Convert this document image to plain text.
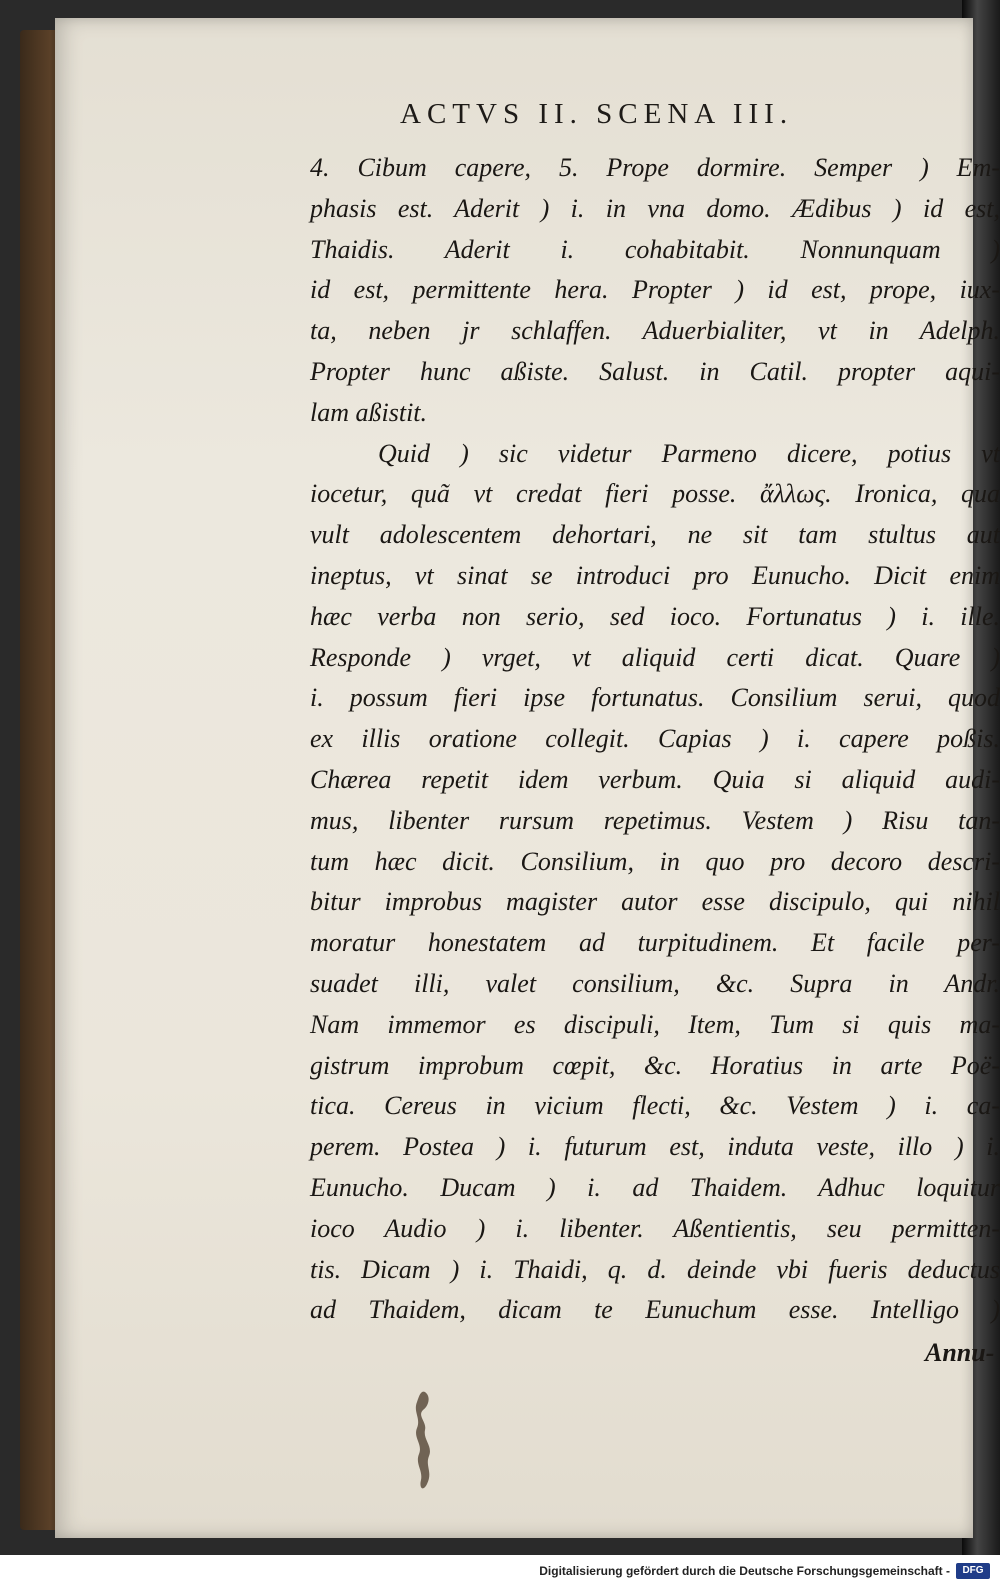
ACTVS II. SCENA III.
4. Cibum capere, 5. Prope dormire. Semper ) Em-
phasis est. Aderit ) i. in vna domo. Ædibus ) id est,
Thaidis. Aderit i. cohabitabit. Nonnunquam )
id est, permittente hera. Propter ) id est, prope, iux-
ta, neben jr schlaffen. Aduerbialiter, vt in Adelph.
Propter hunc aßiste. Salust. in Catil. propter aqui-
lam aßistit.
Quid ) sic videtur Parmeno dicere, potius vt
iocetur, quã vt credat fieri posse. ἄλλως. Ironica, qua
vult adolescentem dehortari, ne sit tam stultus aut
ineptus, vt sinat se introduci pro Eunucho. Dicit enim
hæc verba non serio, sed ioco. Fortunatus ) i. ille.
Responde ) vrget, vt aliquid certi dicat. Quare )
i. possum fieri ipse fortunatus. Consilium serui, quod
ex illis oratione collegit. Capias ) i. capere poßis.
Chærea repetit idem verbum. Quia si aliquid audi-
mus, libenter rursum repetimus. Vestem ) Risu tan-
tum hæc dicit. Consilium, in quo pro decoro descri-
bitur improbus magister autor esse discipulo, qui nihil
moratur honestatem ad turpitudinem. Et facile per-
suadet illi, valet consilium, &c. Supra in Andr.
Nam immemor es discipuli, Item, Tum si quis ma-
gistrum improbum cœpit, &c. Horatius in arte Poë-
tica. Cereus in vicium flecti, &c. Vestem ) i. ca-
perem. Postea ) i. futurum est, induta veste, illo ) i.
Eunucho. Ducam ) i. ad Thaidem. Adhuc loquitur
ioco Audio ) i. libenter. Aßentientis, seu permitten-
tis. Dicam ) i. Thaidi, q. d. deinde vbi fueris deductus
ad Thaidem, dicam te Eunuchum esse. Intelligo )
Annu-
Digitalisierung gefördert durch die Deutsche Forschungsgemeinschaft -	DFG
